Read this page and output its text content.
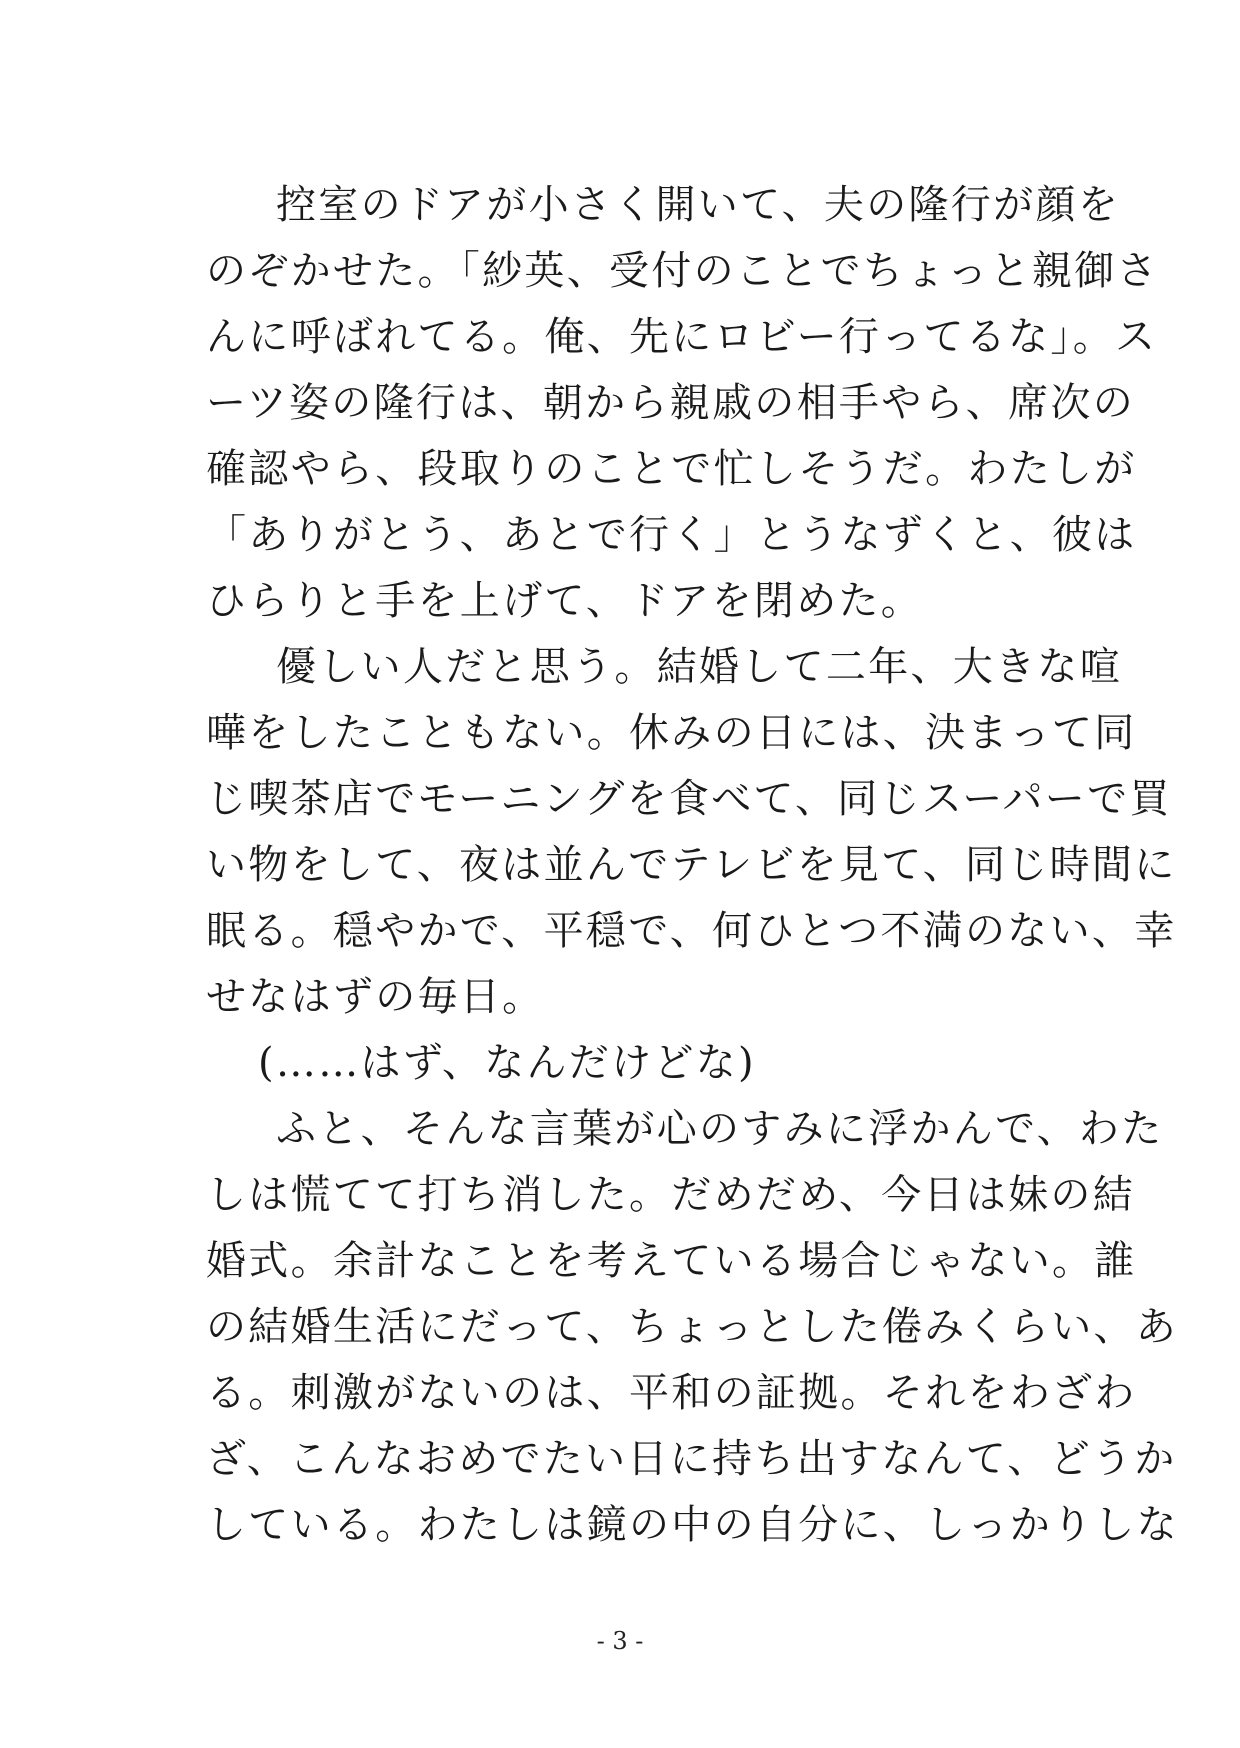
控室のドアが小さく開いて、夫の隆行が顔を
のぞかせた。「紗英、受付のことでちょっと親御さ
んに呼ばれてる。俺、先にロビー行ってるな」。ス
ーツ姿の隆行は、朝から親戚の相手やら、席次の
確認やら、段取りのことで忙しそうだ。わたしが
「ありがとう、あとで行く」とうなずくと、彼は
ひらりと手を上げて、ドアを閉めた。
優しい人だと思う。結婚して二年、大きな喧
嘩をしたこともない。休みの日には、決まって同
じ喫茶店でモーニングを食べて、同じスーパーで買
い物をして、夜は並んでテレビを見て、同じ時間に
眠る。穏やかで、平穏で、何ひとつ不満のない、幸
せなはずの毎日。
(……はず、なんだけどな)
ふと、そんな言葉が心のすみに浮かんで、わた
しは慌てて打ち消した。だめだめ、今日は妹の結
婚式。余計なことを考えている場合じゃない。誰
の結婚生活にだって、ちょっとした倦みくらい、あ
る。刺激がないのは、平和の証拠。それをわざわ
ざ、こんなおめでたい日に持ち出すなんて、どうか
している。わたしは鏡の中の自分に、しっかりしな
- 3 -
